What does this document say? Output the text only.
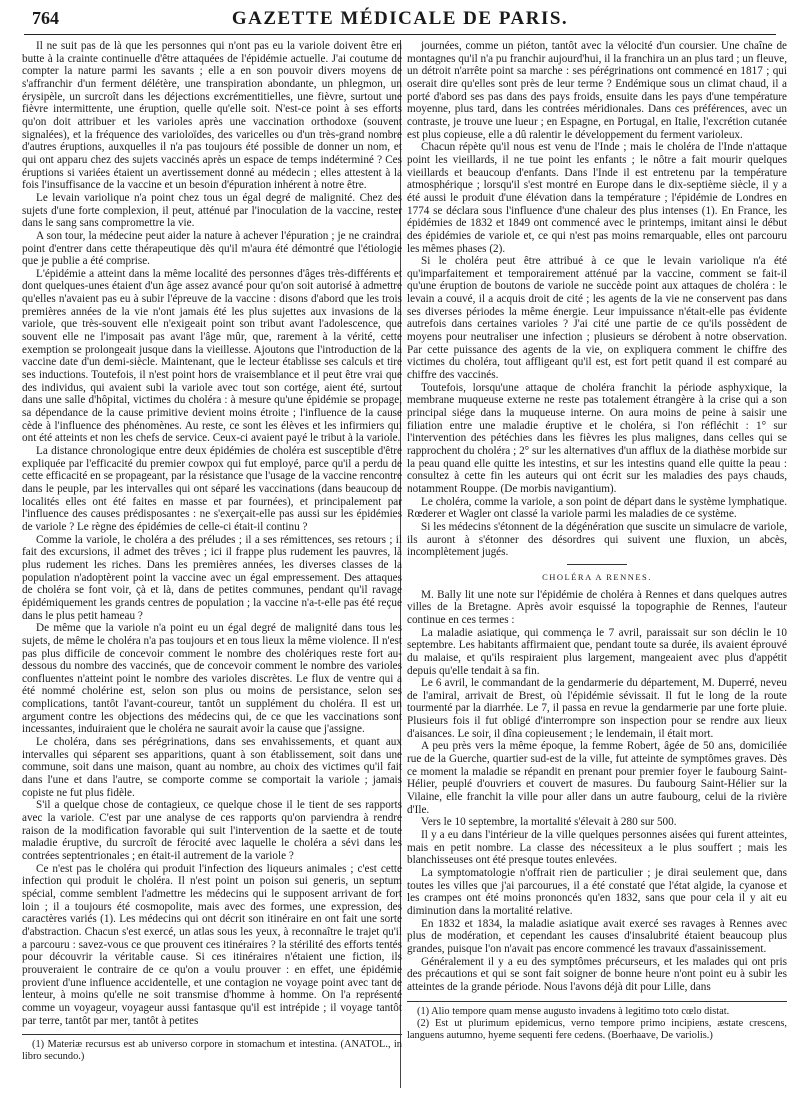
764	GAZETTE MÉDICALE DE PARIS.

Il ne suit pas de là que les personnes qui n'ont pas eu la variole doivent être en butte à la crainte continuelle d'être attaquées de l'épidémie actuelle. J'ai coutume de compter la nature parmi les savants ; elle a en son pouvoir divers moyens de s'affranchir d'un ferment délétère, une transpiration abondante, un phlegmon, un érysipèle, un surcroît dans les déjections excrémentitielles, une fièvre, surtout une fièvre intermittente, une éruption, quelle qu'elle soit. N'est-ce point à ses efforts qu'on doit attribuer et les varioles après une vaccination orthodoxe (souvent signalées), et la fréquence des varioloïdes, des varicelles ou d'un très-grand nombre d'autres éruptions, auxquelles il n'a pas toujours été possible de donner un nom, et qui ont apparu chez des sujets vaccinés après un espace de temps indéterminé ? Ces éruptions si variées étaient un avertissement donné au médecin ; elles attestent à la fois l'insuffisance de la vaccine et un besoin d'épuration inhérent à notre être.

Le levain variolique n'a point chez tous un égal degré de malignité. Chez des sujets d'une forte complexion, il peut, atténué par l'inoculation de la vaccine, rester dans le sang sans compromettre la vie.

A son tour, la médecine peut aider la nature à achever l'épuration ; je ne craindrai point d'entrer dans cette thérapeutique dès qu'il m'aura été démontré que l'étiologie que je publie a été comprise.

L'épidémie a atteint dans la même localité des personnes d'âges très-différents et dont quelques-unes étaient d'un âge assez avancé pour qu'on soit autorisé à admettre qu'elles n'avaient pas eu à subir l'épreuve de la vaccine : disons d'abord que les trois premières années de la vie n'ont jamais été les plus sujettes aux invasions de la variole, que très-souvent elle n'exigeait point son tribut avant l'adolescence, que souvent elle ne l'imposait pas avant l'âge mûr, que, rarement à la vérité, cette exemption se prolongeait jusque dans la vieillesse. Ajoutons que l'introduction de la vaccine date d'un demi-siècle. Maintenant, que le lecteur établisse ses calculs et tire ses inductions. Toutefois, il n'est point hors de vraisemblance et il peut être vrai que des individus, qui avaient subi la variole avec tout son cortége, aient été, surtout dans une salle d'hôpital, victimes du choléra : à mesure qu'une épidémie se propage, sa dépendance de la cause primitive devient moins étroite ; l'influence de la cause cède à l'influence des phénomènes. Au reste, ce sont les élèves et les infirmiers qui ont été atteints et non les chefs de service. Ceux-ci avaient payé le tribut à la variole.

La distance chronologique entre deux épidémies de choléra est susceptible d'être expliquée par l'efficacité du premier cowpox qui fut employé, parce qu'il a perdu de cette efficacité en se propageant, par la résistance que l'usage de la vaccine rencontre dans le peuple, par les intervalles qui ont séparé les vaccinations (dans beaucoup de localités elles ont été faites en masse et par fournées), et principalement par l'influence des causes prédisposantes : ne s'exerçait-elle pas aussi sur les épidémies de variole ? Le règne des épidémies de celle-ci était-il continu ?

Comme la variole, le choléra a des préludes ; il a ses rémittences, ses retours ; il fait des excursions, il admet des trêves ; ici il frappe plus rudement les pauvres, là plus rudement les riches. Dans les premières années, les diverses classes de la population n'adoptèrent point la vaccine avec un égal empressement. Des attaques de choléra se font voir, çà et là, dans de petites communes, pendant qu'il ravage épidémiquement les grands centres de population ; la vaccine n'a-t-elle pas été reçue dans le plus petit hameau ?

De même que la variole n'a point eu un égal degré de malignité dans tous les sujets, de même le choléra n'a pas toujours et en tous lieux la même violence. Il n'est pas plus difficile de concevoir comment le nombre des cholériques reste fort au-dessous du nombre des vaccinés, que de concevoir comment le nombre des varioles confluentes n'atteint point le nombre des varioles discrètes. Le flux de ventre qui a été nommé cholérine est, selon son plus ou moins de persistance, selon ses complications, tantôt l'avant-coureur, tantôt un supplément du choléra. Il est un argument contre les objections des médecins qui, de ce que les vaccinations sont incessantes, induiraient que le choléra ne saurait avoir la cause que j'assigne.

Le choléra, dans ses pérégrinations, dans ses envahissements, et quant aux intervalles qui séparent ses apparitions, quant à son établissement, soit dans une commune, soit dans une maison, quant au nombre, au choix des victimes qu'il fait dans l'une et dans l'autre, se comporte comme se comportait la variole ; jamais copiste ne fut plus fidèle.

S'il a quelque chose de contagieux, ce quelque chose il le tient de ses rapports avec la variole. C'est par une analyse de ces rapports qu'on parviendra à rendre raison de la modification favorable qui suit l'intervention de la saette et de toute maladie éruptive, du surcroît de férocité avec laquelle le choléra a sévi dans les contrées septentrionales ; en était-il autrement de la variole ?

Ce n'est pas le choléra qui produit l'infection des liqueurs animales ; c'est cette infection qui produit le choléra. Il n'est point un poison sui generis, un septum spécial, comme semblent l'admettre les médecins qui le supposent arrivant de fort loin ; il a toujours été cosmopolite, mais avec des formes, une expression, des caractères variés (1). Les médecins qui ont décrit son itinéraire en ont fait une sorte d'abstraction. Chacun s'est exercé, un atlas sous les yeux, à reconnaître le trajet qu'il a parcouru : savez-vous ce que prouvent ces itinéraires ? la stérilité des efforts tentés pour découvrir la véritable cause. Si ces itinéraires n'étaient une fiction, ils prouveraient le contraire de ce qu'on a voulu prouver : en effet, une épidémie provient d'une influence accidentelle, et une contagion ne voyage point avec tant de lenteur, à moins qu'elle ne soit transmise d'homme à homme. On l'a représenté comme un voyageur, voyageur aussi fantasque qu'il est intrépide ; il voyage tantôt par terre, tantôt par mer, tantôt à petites

(1) Materiæ recursus est ab universo corpore in stomachum et intestina. (ANATOL., in libro secundo.)

journées, comme un piéton, tantôt avec la vélocité d'un coursier. Une chaîne de montagnes qu'il n'a pu franchir aujourd'hui, il la franchira un an plus tard ; un fleuve, un détroit n'arrête point sa marche : ses pérégrinations ont commencé en 1817 ; qui oserait dire qu'elles sont près de leur terme ? Endémique sous un climat chaud, il a porté d'abord ses pas dans des pays froids, ensuite dans les pays d'une température moyenne, plus tard, dans les contrées méridionales. Dans ces préférences, avec un contraste, je trouve une lueur ; en Espagne, en Portugal, en Italie, l'excrétion cutanée est plus copieuse, elle a dû ralentir le développement du ferment varioleux.

Chacun répète qu'il nous est venu de l'Inde ; mais le choléra de l'Inde n'attaque point les vieillards, il ne tue point les enfants ; le nôtre a fait mourir quelques vieillards et beaucoup d'enfants. Dans l'Inde il est entretenu par la température atmosphérique ; lorsqu'il s'est montré en Europe dans le dix-septième siècle, il y a été aussi le produit d'une élévation dans la température ; l'épidémie de Londres en 1774 se déclara sous l'influence d'une chaleur des plus intenses (1). En France, les épidémies de 1832 et 1849 ont commencé avec le printemps, imitant ainsi le début des épidémies de variole et, ce qui n'est pas moins remarquable, elles ont parcouru les mêmes phases (2).

Si le choléra peut être attribué à ce que le levain variolique n'a été qu'imparfaitement et temporairement atténué par la vaccine, comment se fait-il qu'une éruption de boutons de variole ne succède point aux attaques de choléra : le levain a couvé, il a acquis droit de cité ; les agents de la vie ne conservent pas dans ses diverses périodes la même énergie. Leur impuissance n'était-elle pas évidente autrefois dans certaines varioles ? J'ai cité une partie de ce qu'ils possèdent de moyens pour neutraliser une infection ; plusieurs se dérobent à notre observation. Par cette puissance des agents de la vie, on expliquera comment le chiffre des victimes du choléra, tout affligeant qu'il est, est fort petit quand il est comparé au chiffre des vaccinés.

Toutefois, lorsqu'une attaque de choléra franchit la période asphyxique, la membrane muqueuse externe ne reste pas totalement étrangère à la crise qui a son principal siége dans la muqueuse interne. On aura moins de peine à saisir une filiation entre une maladie éruptive et le choléra, si l'on réfléchit : 1° sur l'intervention des pétéchies dans les fièvres les plus malignes, dans celles qui se rapprochent du choléra ; 2° sur les alternatives d'un afflux de la diathèse morbide sur la peau quand elle quitte les intestins, et sur les intestins quand elle quitte la peau : consultez à cette fin les auteurs qui ont écrit sur les maladies des pays chauds, notamment Rouppe. (De morbis navigantium).

Le choléra, comme la variole, a son point de départ dans le système lymphatique. Rœderer et Wagler ont classé la variole parmi les maladies de ce système.

Si les médecins s'étonnent de la dégénération que suscite un simulacre de variole, ils auront à s'étonner des désordres qui suivent une fluxion, un abcès, incomplètement jugés.

CHOLÉRA A RENNES.

M. Bally lit une note sur l'épidémie de choléra à Rennes et dans quelques autres villes de la Bretagne. Après avoir esquissé la topographie de Rennes, l'auteur continue en ces termes :

La maladie asiatique, qui commença le 7 avril, paraissait sur son déclin le 10 septembre. Les habitants affirmaient que, pendant toute sa durée, ils avaient éprouvé du malaise, et qu'ils respiraient plus largement, mangeaient avec plus d'appétit depuis qu'elle tendait à sa fin.

Le 6 avril, le commandant de la gendarmerie du département, M. Duperré, neveu de l'amiral, arrivait de Brest, où l'épidémie sévissait. Il fut le long de la route tourmenté par la diarrhée. Le 7, il passa en revue la gendarmerie par une forte pluie. Plusieurs fois il fut obligé d'interrompre son inspection pour se rendre aux lieux d'aisances. Le soir, il dîna copieusement ; le lendemain, il était mort.

A peu près vers la même époque, la femme Robert, âgée de 50 ans, domiciliée rue de la Guerche, quartier sud-est de la ville, fut atteinte de symptômes graves. Dès ce moment la maladie se répandit en prenant pour premier foyer le faubourg Saint-Hélier, peuplé d'ouvriers et couvert de masures. Du faubourg Saint-Hélier sur la Vilaine, elle franchit la ville pour aller dans un autre faubourg, celui de la rivière d'Ile.

Vers le 10 septembre, la mortalité s'élevait à 280 sur 500.

Il y a eu dans l'intérieur de la ville quelques personnes aisées qui furent atteintes, mais en petit nombre. La classe des nécessiteux a le plus souffert ; mais les blanchisseuses ont été presque toutes enlevées.

La symptomatologie n'offrait rien de particulier ; je dirai seulement que, dans toutes les villes que j'ai parcourues, il a été constaté que l'état algide, la cyanose et les crampes ont été moins prononcés qu'en 1832, sans que pour cela il y ait eu diminution dans la mortalité relative.

En 1832 et 1834, la maladie asiatique avait exercé ses ravages à Rennes avec plus de modération, et cependant les causes d'insalubrité étaient beaucoup plus grandes, puisque l'on n'avait pas encore commencé les travaux d'assainissement.

Généralement il y a eu des symptômes précurseurs, et les malades qui ont pris des précautions et qui se sont fait soigner de bonne heure n'ont point eu à subir les atteintes de la grande période. Nous l'avons déjà dit pour Lille, dans

(1) Alio tempore quam mense augusto invadens à legitimo toto cœlo distat.

(2) Est ut plurimum epidemicus, verno tempore primo incipiens, æstate crescens, languens autumno, hyeme sequenti fere cedens. (Boerhaave, De variolis.)
